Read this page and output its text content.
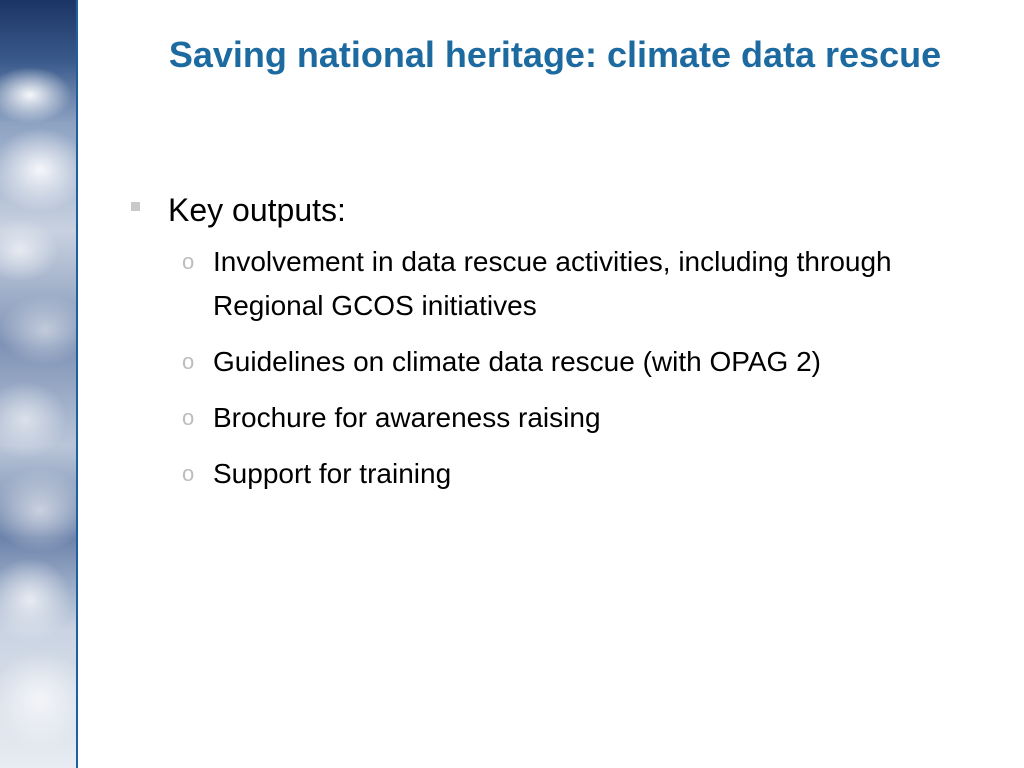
Saving national heritage: climate data rescue
Key outputs:
o Involvement in data rescue activities, including through Regional GCOS initiatives
o Guidelines on climate data rescue (with OPAG 2)
o Brochure for awareness raising
o Support for training
